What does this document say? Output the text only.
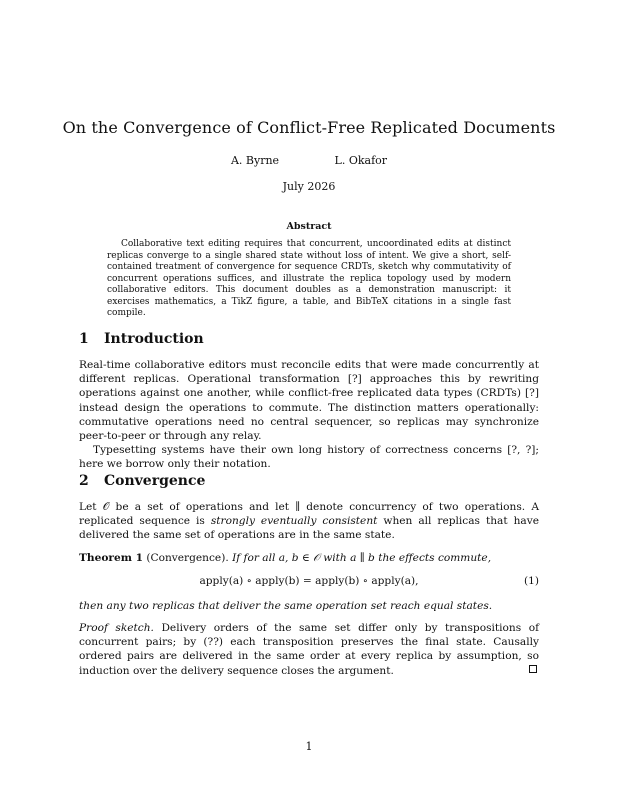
On the Convergence of Conflict-Free Replicated Documents
A. Byrne	L. Okafor
July 2026
Abstract
Collaborative text editing requires that concurrent, uncoordinated edits at distinct replicas converge to a single shared state without loss of intent. We give a short, self-contained treatment of convergence for sequence CRDTs, sketch why commutativity of concurrent operations suffices, and illustrate the replica topology used by modern collaborative editors. This document doubles as a demonstration manuscript: it exercises mathematics, a TikZ figure, a table, and BibTeX citations in a single fast compile.
1 Introduction

Real-time collaborative editors must reconcile edits that were made concurrently at different replicas. Operational transformation [?] approaches this by rewriting operations against one another, while conflict-free replicated data types (CRDTs) [?] instead design the operations to commute. The distinction matters operationally: commutative operations need no central sequencer, so replicas may synchronize peer-to-peer or through any relay.

Typesetting systems have their own long history of correctness concerns [?, ?]; here we borrow only their notation.

2 Convergence

Let 𝒪 be a set of operations and let ∥ denote concurrency of two operations. A replicated sequence is strongly eventually consistent when all replicas that have delivered the same set of operations are in the same state.

Theorem 1 (Convergence). If for all a, b ∈ 𝒪 with a ∥ b the effects commute,
apply(a) ∘ apply(b) = apply(b) ∘ apply(a),	(1)
then any two replicas that deliver the same operation set reach equal states.
Proof sketch. Delivery orders of the same set differ only by transpositions of concurrent pairs; by (??) each transposition preserves the final state. Causally ordered pairs are delivered in the same order at every replica by assumption, so induction over the delivery sequence closes the argument.
1
